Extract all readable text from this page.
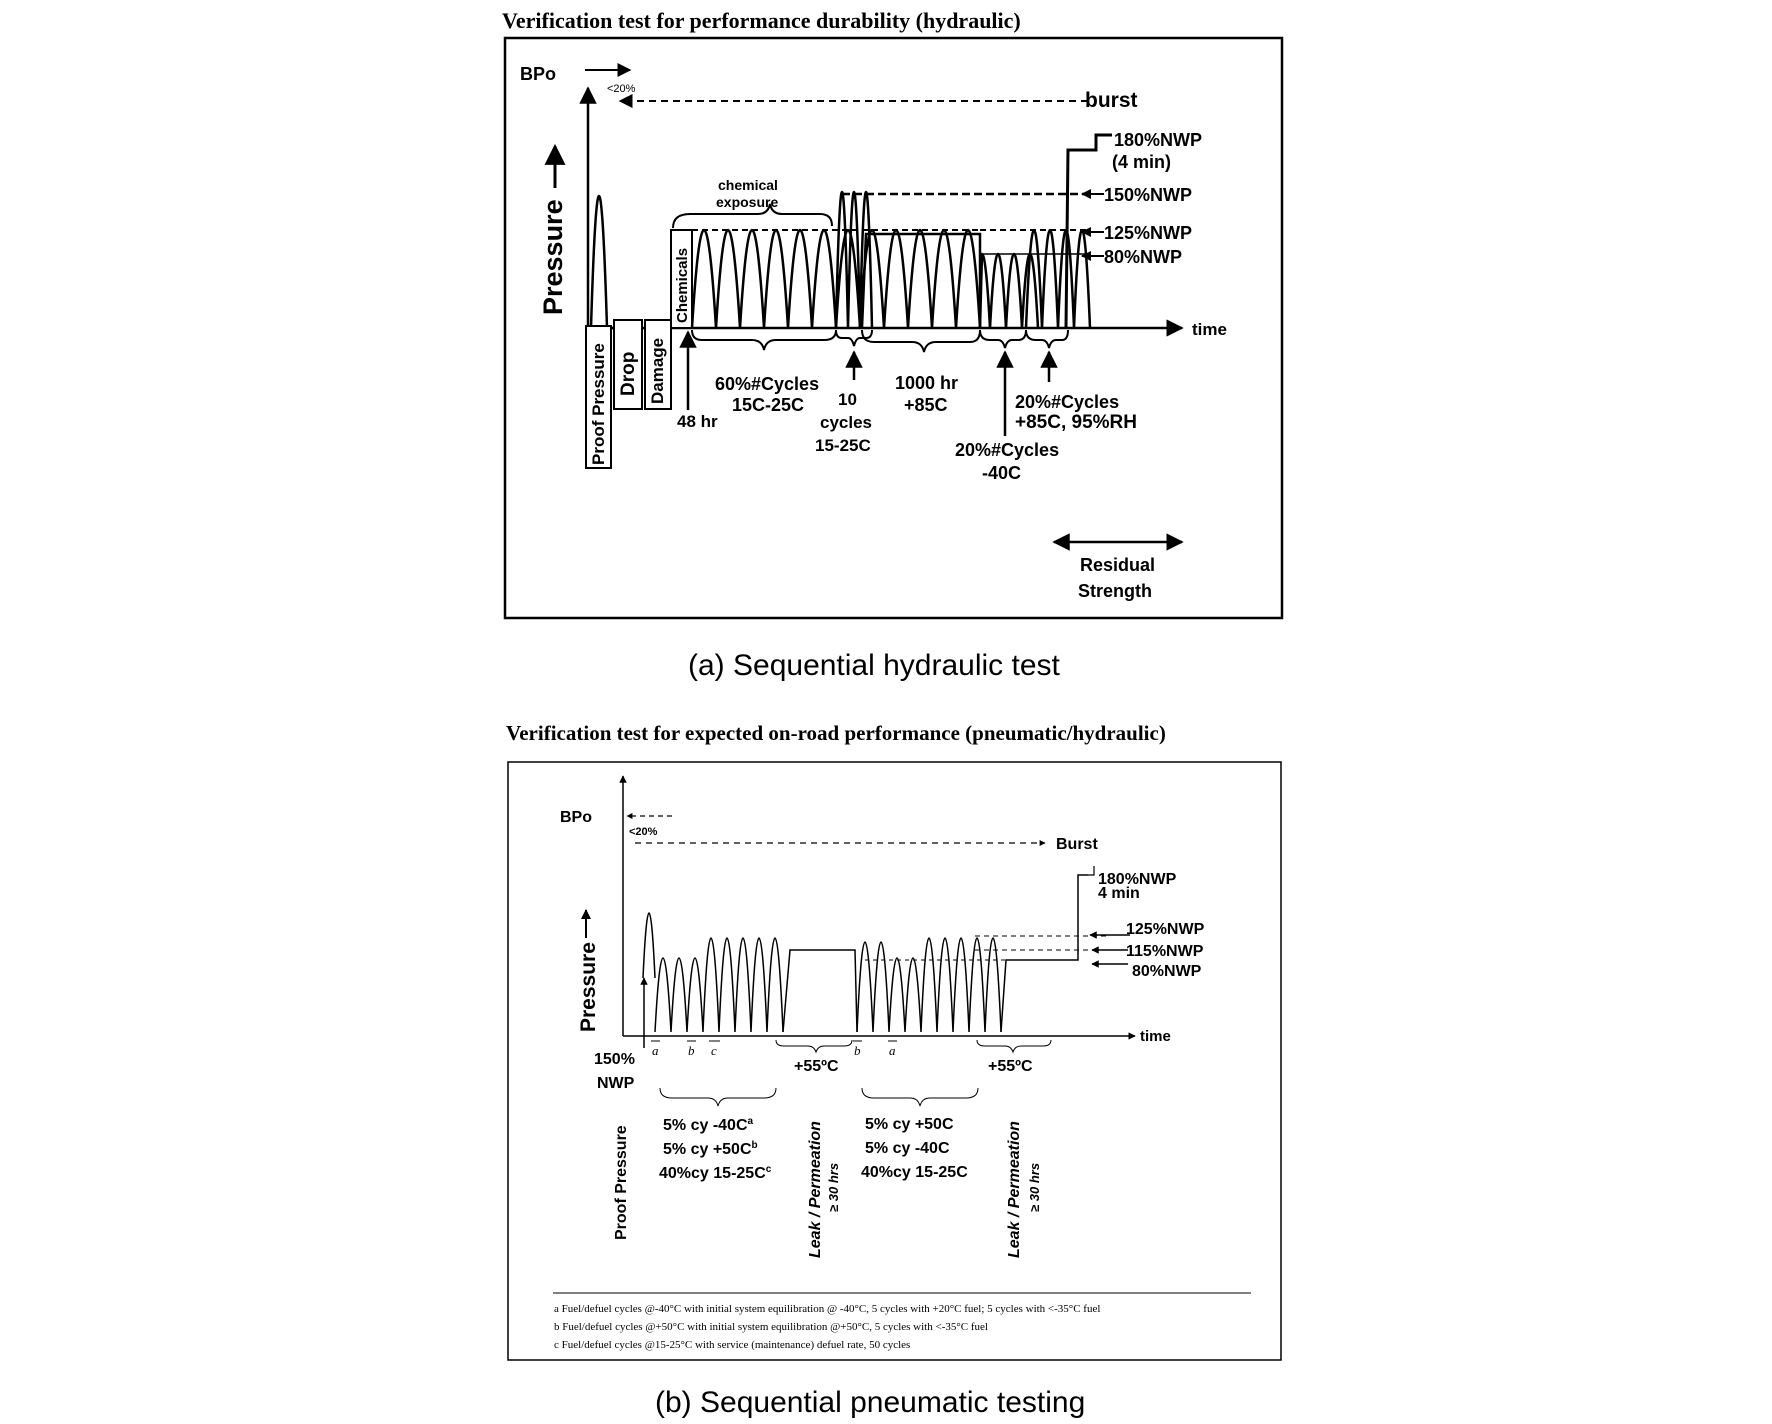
Verification test for performance durability (hydraulic)
time
Pressure
BPo
<20%	burst
Proof Pressure Drop Damage
Chemicals
150%NWP
125%NWP
80%NWP
180%NWP
(4 min)
chemical
exposure
48 hr
60%#Cycles
15C-25C 10
cycles
15-25C
1000 hr
+85C	20%#Cycles
+85C, 95%RH
20%#Cycles
-40C
Residual
Strength
(a) Sequential hydraulic test
Verification test for expected on-road performance (pneumatic/hydraulic)
time
Pressure
BPo
<20%
Burst
125%NWP
115%NWP
80%NWP
180%NWP
4 min
a b c	b a
150%
NWP
+55ºC	+55ºC
5% cy $-40C^a$
5% cy $+50C^b$
40%cy $15-25C^c$
5% cy +50C
5% cy -40C
40%cy 15-25C
Proof Pressure	Leak / Permeation ≥ 30 hrs	Leak / Permeation ≥ 30 hrs
a Fuel/defuel cycles @-40°C with initial system equilibration @ -40°C, 5 cycles with +20°C fuel; 5 cycles with <-35°C fuel
b Fuel/defuel cycles @+50°C with initial system equilibration @+50°C, 5 cycles with <-35°C fuel
c Fuel/defuel cycles @15-25°C with service (maintenance) defuel rate, 50 cycles
(b) Sequential pneumatic testing
